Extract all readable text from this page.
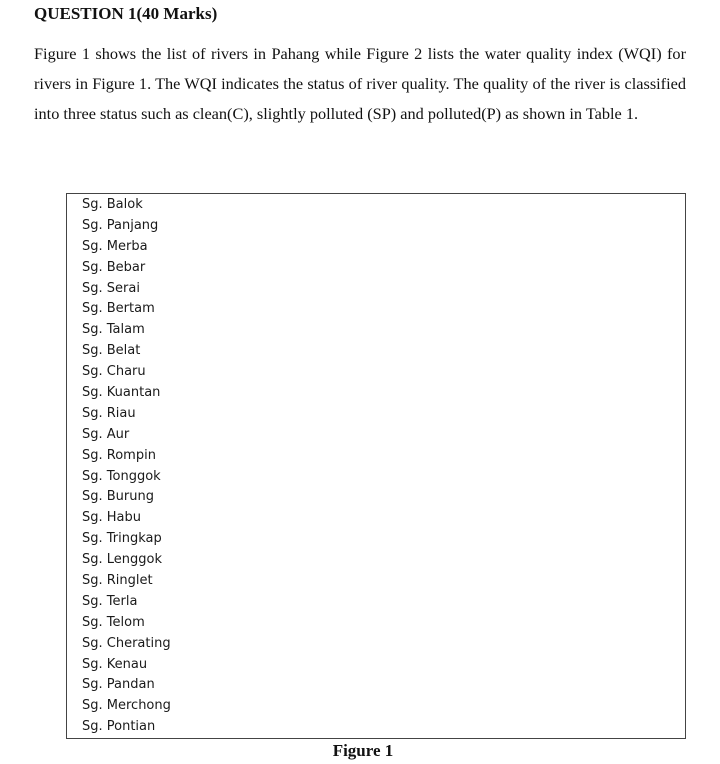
QUESTION 1(40 Marks)

Figure 1 shows the list of rivers in Pahang while Figure 2 lists the water quality index (WQI) for rivers in Figure 1. The WQI indicates the status of river quality. The quality of the river is classified into three status such as clean(C), slightly polluted (SP) and polluted(P) as shown in Table 1.

Sg. Balok
Sg. Panjang
Sg. Merba
Sg. Bebar
Sg. Serai
Sg. Bertam
Sg. Talam
Sg. Belat
Sg. Charu
Sg. Kuantan
Sg. Riau
Sg. Aur
Sg. Rompin
Sg. Tonggok
Sg. Burung
Sg. Habu
Sg. Tringkap
Sg. Lenggok
Sg. Ringlet
Sg. Terla
Sg. Telom
Sg. Cherating
Sg. Kenau
Sg. Pandan
Sg. Merchong
Sg. Pontian

Figure 1
